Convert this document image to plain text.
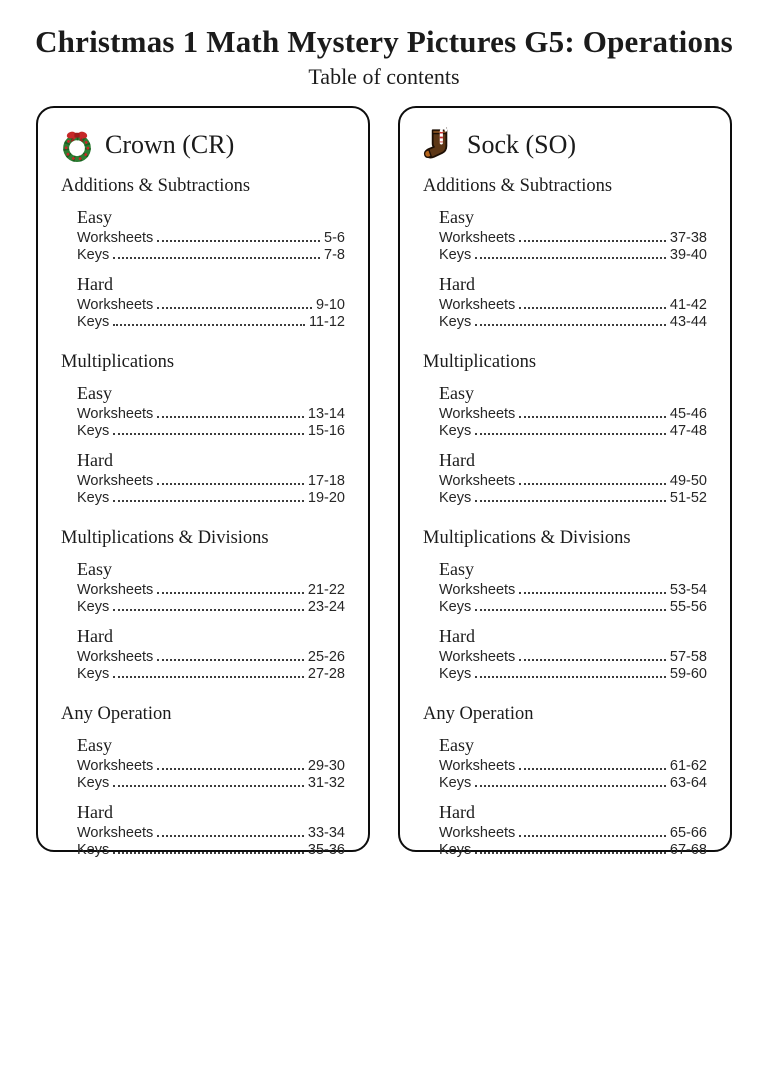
Christmas 1 Math Mystery Pictures G5: Operations
Table of contents
Crown (CR)
Additions & Subtractions
Easy
Worksheets	5-6
Keys	7-8
Hard
Worksheets	9-10
Keys	11-12
Multiplications
Easy
Worksheets	13-14
Keys	15-16
Hard
Worksheets	17-18
Keys	19-20
Multiplications & Divisions
Easy
Worksheets	21-22
Keys	23-24
Hard
Worksheets	25-26
Keys	27-28
Any Operation
Easy
Worksheets	29-30
Keys	31-32
Hard
Worksheets	33-34
Keys	35-36
Sock (SO)
Additions & Subtractions
Easy
Worksheets	37-38
Keys	39-40
Hard
Worksheets	41-42
Keys	43-44
Multiplications
Easy
Worksheets	45-46
Keys	47-48
Hard
Worksheets	49-50
Keys	51-52
Multiplications & Divisions
Easy
Worksheets	53-54
Keys	55-56
Hard
Worksheets	57-58
Keys	59-60
Any Operation
Easy
Worksheets	61-62
Keys	63-64
Hard
Worksheets	65-66
Keys	67-68
